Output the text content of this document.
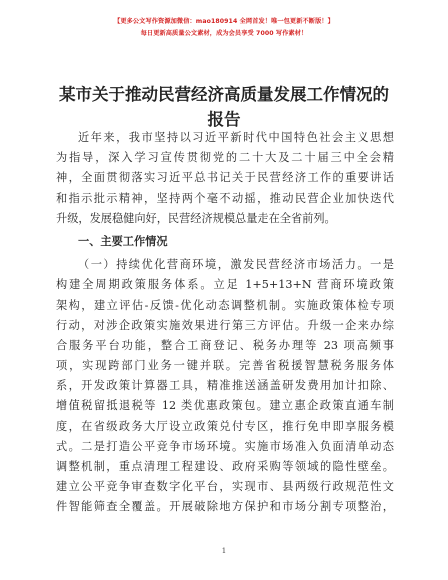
【更多公文写作资源加微信：mao180914 全网首发！唯一包更新不断版！】
每日更新高质量公文素材，成为会员享受 7000 写作素材！
某市关于推动民营经济高质量发展工作情况的
报告
近年来，我市坚持以习近平新时代中国特色社会主义思想
为指导，深入学习宣传贯彻党的二十大及二十届三中全会精
神，全面贯彻落实习近平总书记关于民营经济工作的重要讲话
和指示批示精神，坚持两个毫不动摇，推动民营企业加快迭代
升级，发展稳健向好，民营经济规模总量走在全省前列。
一、主要工作情况
（一）持续优化营商环境，激发民营经济市场活力。一是
构建全周期政策服务体系。立足 1+5+13+N 营商环境政策
架构，建立评估-反馈-优化动态调整机制。实施政策体检专项
行动，对涉企政策实施效果进行第三方评估。升级一企来办综
合服务平台功能，整合工商登记、税务办理等 23 项高频事
项，实现跨部门业务一键并联。完善省税援智慧税务服务体
系，开发政策计算器工具，精准推送涵盖研发费用加计扣除、
增值税留抵退税等 12 类优惠政策包。建立惠企政策直通车制
度，在省级政务大厅设立政策兑付专区，推行免申即享服务模
式。二是打造公平竞争市场环境。实施市场准入负面清单动态
调整机制，重点清理工程建设、政府采购等领域的隐性壁垒。
建立公平竞争审查数字化平台，实现市、县两级行政规范性文
件智能筛查全覆盖。开展破除地方保护和市场分割专项整治，
1
